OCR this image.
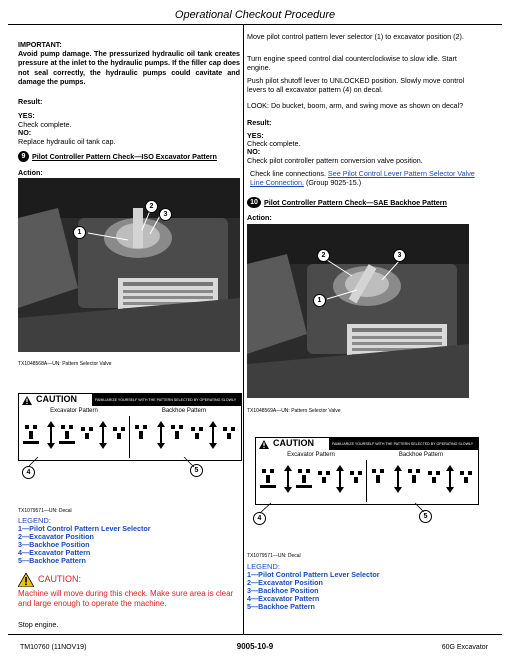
Operational Checkout Procedure
IMPORTANT:
Avoid pump damage. The pressurized hydraulic oil tank creates pressure at the inlet to the hydraulic pumps. If the filler cap does not seal correctly, the hydraulic pumps could cavitate and damage the pumps.
Result:
YES:
Check complete.
NO:
Replace hydraulic oil tank cap.
9 Pilot Controller Pattern Check—ISO Excavator Pattern
Action:
1
2
3
TX1048568A—UN: Pattern Selector Valve
CAUTION	FAMILIARIZE YOURSELF WITH THE PATTERN SELECTED BY OPERATING SLOWLY
Excavator Pattern	Backhoe Pattern
4	5
TX1079571—UN: Decal
LEGEND:
1—Pilot Control Pattern Lever Selector
2—Excavator Position
3—Backhoe Position
4—Excavator Pattern
5—Backhoe Pattern
CAUTION:
Machine will move during this check. Make sure area is clear and large enough to operate the machine.
Stop engine.
Move pilot control pattern lever selector (1) to excavator position (2).
Turn engine speed control dial counterclockwise to slow idle. Start engine.
Push pilot shutoff lever to UNLOCKED position. Slowly move control levers to all excavator pattern (4) on decal.
LOOK: Do bucket, boom, arm, and swing move as shown on decal?
Result:
YES:
Check complete.
NO:
Check pilot controller pattern conversion valve position.
Check line connections. See Pilot Control Lever Pattern Selector Valve Line Connection. (Group 9025-15.)
10 Pilot Controller Pattern Check—SAE Backhoe Pattern
Action:
1
2	3
TX1048569A—UN: Pattern Selector Valve
CAUTION	FAMILIARIZE YOURSELF WITH THE PATTERN SELECTED BY OPERATING SLOWLY
Excavator Pattern	Backhoe Pattern
4	5
TX1079571—UN: Decal
LEGEND:
1—Pilot Control Pattern Lever Selector
2—Excavator Position
3—Backhoe Position
4—Excavator Pattern
5—Backhoe Pattern
TM10760 (11NOV19)	9005-10-9	60G Excavator
